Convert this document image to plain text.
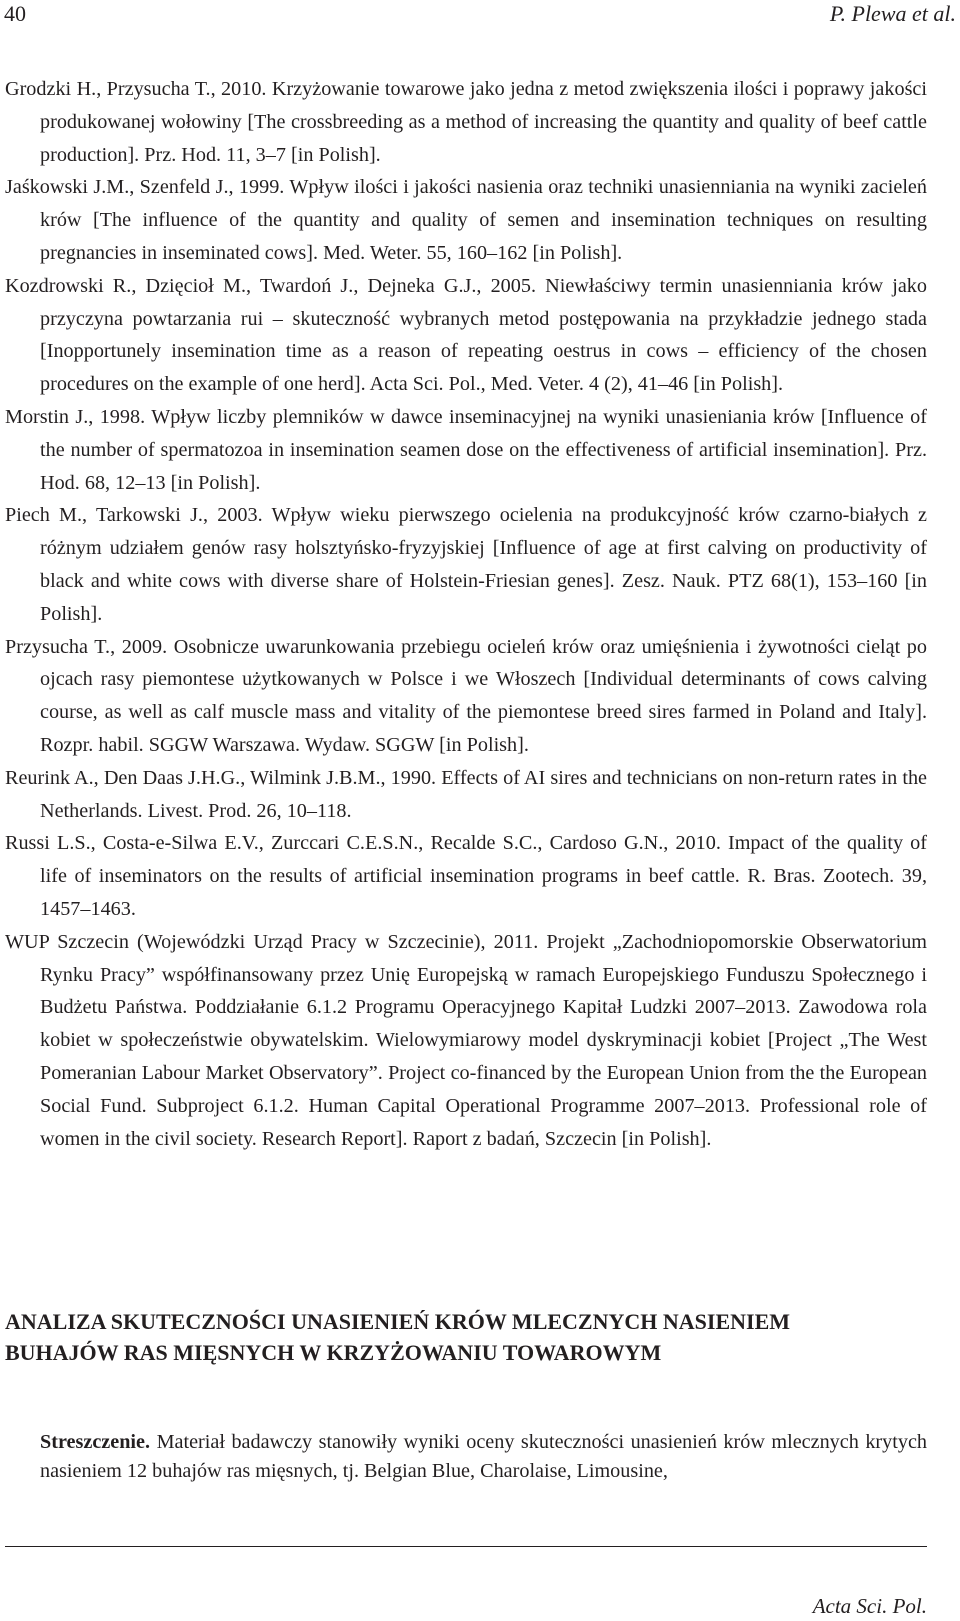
40	P. Plewa et al.
Grodzki H., Przysucha T., 2010. Krzyżowanie towarowe jako jedna z metod zwiększenia ilości i poprawy jakości produkowanej wołowiny [The crossbreeding as a method of increasing the quantity and quality of beef cattle production]. Prz. Hod. 11, 3–7 [in Polish].
Jaśkowski J.M., Szenfeld J., 1999. Wpływ ilości i jakości nasienia oraz techniki unasienniania na wyniki zacieleń krów [The influence of the quantity and quality of semen and insemination techniques on resulting pregnancies in inseminated cows]. Med. Weter. 55, 160–162 [in Polish].
Kozdrowski R., Dzięcioł M., Twardoń J., Dejneka G.J., 2005. Niewłaściwy termin unasienniania krów jako przyczyna powtarzania rui – skuteczność wybranych metod postępowania na przykładzie jednego stada [Inopportunely insemination time as a reason of repeating oestrus in cows – efficiency of the chosen procedures on the example of one herd]. Acta Sci. Pol., Med. Veter. 4 (2), 41–46 [in Polish].
Morstin J., 1998. Wpływ liczby plemników w dawce inseminacyjnej na wyniki unasieniania krów [Influence of the number of spermatozoa in insemination seamen dose on the effectiveness of artificial insemination]. Prz. Hod. 68, 12–13 [in Polish].
Piech M., Tarkowski J., 2003. Wpływ wieku pierwszego ocielenia na produkcyjność krów czarno-białych z różnym udziałem genów rasy holsztyńsko-fryzyjskiej [Influence of age at first calving on productivity of black and white cows with diverse share of Holstein-Friesian genes]. Zesz. Nauk. PTZ 68(1), 153–160 [in Polish].
Przysucha T., 2009. Osobnicze uwarunkowania przebiegu ocieleń krów oraz umięśnienia i żywotności cieląt po ojcach rasy piemontese użytkowanych w Polsce i we Włoszech [Individual determinants of cows calving course, as well as calf muscle mass and vitality of the piemontese breed sires farmed in Poland and Italy]. Rozpr. habil. SGGW Warszawa. Wydaw. SGGW [in Polish].
Reurink A., Den Daas J.H.G., Wilmink J.B.M., 1990. Effects of AI sires and technicians on non-return rates in the Netherlands. Livest. Prod. 26, 10–118.
Russi L.S., Costa-e-Silwa E.V., Zurccari C.E.S.N., Recalde S.C., Cardoso G.N., 2010. Impact of the quality of life of inseminators on the results of artificial insemination programs in beef cattle. R. Bras. Zootech. 39, 1457–1463.
WUP Szczecin (Wojewódzki Urząd Pracy w Szczecinie), 2011. Projekt „Zachodniopomorskie Obserwatorium Rynku Pracy” współfinansowany przez Unię Europejską w ramach Europejskiego Funduszu Społecznego i Budżetu Państwa. Poddziałanie 6.1.2 Programu Operacyjnego Kapitał Ludzki 2007–2013. Zawodowa rola kobiet w społeczeństwie obywatelskim. Wielowymiarowy model dyskryminacji kobiet [Project „The West Pomeranian Labour Market Observatory”. Project co-financed by the European Union from the the European Social Fund. Subproject 6.1.2. Human Capital Operational Programme 2007–2013. Professional role of women in the civil society. Research Report]. Raport z badań, Szczecin [in Polish].
ANALIZA SKUTECZNOŚCI UNASIENIEŃ KRÓW MLECZNYCH NASIENIEM BUHAJÓW RAS MIĘSNYCH W KRZYŻOWANIU TOWAROWYM
Streszczenie. Materiał badawczy stanowiły wyniki oceny skuteczności unasienień krów mlecznych krytych nasieniem 12 buhajów ras mięsnych, tj. Belgian Blue, Charolaise, Limousine,
Acta Sci. Pol.
